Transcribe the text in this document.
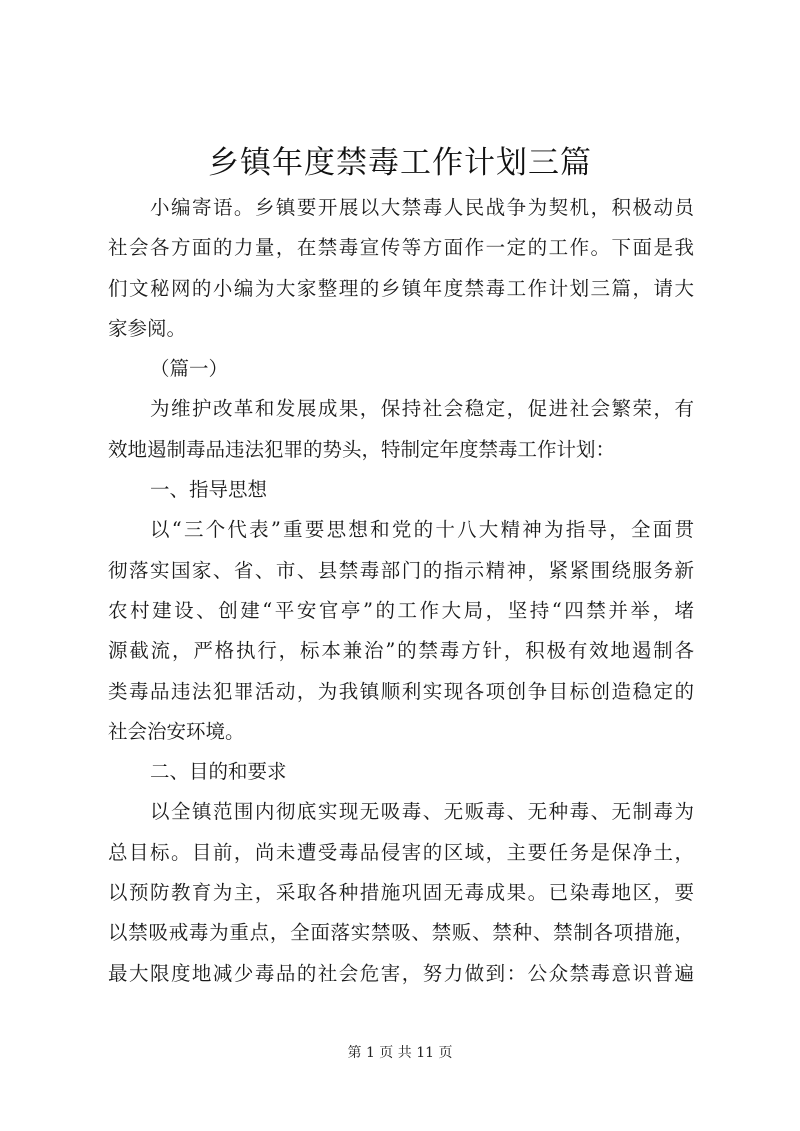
乡镇年度禁毒工作计划三篇
小编寄语。乡镇要开展以大禁毒人民战争为契机，积极动员
社会各方面的力量，在禁毒宣传等方面作一定的工作。下面是我
们文秘网的小编为大家整理的乡镇年度禁毒工作计划三篇，请大
家参阅。
（篇一）
为维护改革和发展成果，保持社会稳定，促进社会繁荣，有
效地遏制毒品违法犯罪的势头，特制定年度禁毒工作计划：
一、指导思想
以“三个代表”重要思想和党的十八大精神为指导，全面贯
彻落实国家、省、市、县禁毒部门的指示精神，紧紧围绕服务新
农村建设、创建“平安官亭”的工作大局，坚持“四禁并举，堵
源截流，严格执行，标本兼治”的禁毒方针，积极有效地遏制各
类毒品违法犯罪活动，为我镇顺利实现各项创争目标创造稳定的
社会治安环境。
二、目的和要求
以全镇范围内彻底实现无吸毒、无贩毒、无种毒、无制毒为
总目标。目前，尚未遭受毒品侵害的区域，主要任务是保净土，
以预防教育为主，采取各种措施巩固无毒成果。已染毒地区，要
以禁吸戒毒为重点，全面落实禁吸、禁贩、禁种、禁制各项措施，
最大限度地减少毒品的社会危害，努力做到：公众禁毒意识普遍
第 1 页 共 11 页
